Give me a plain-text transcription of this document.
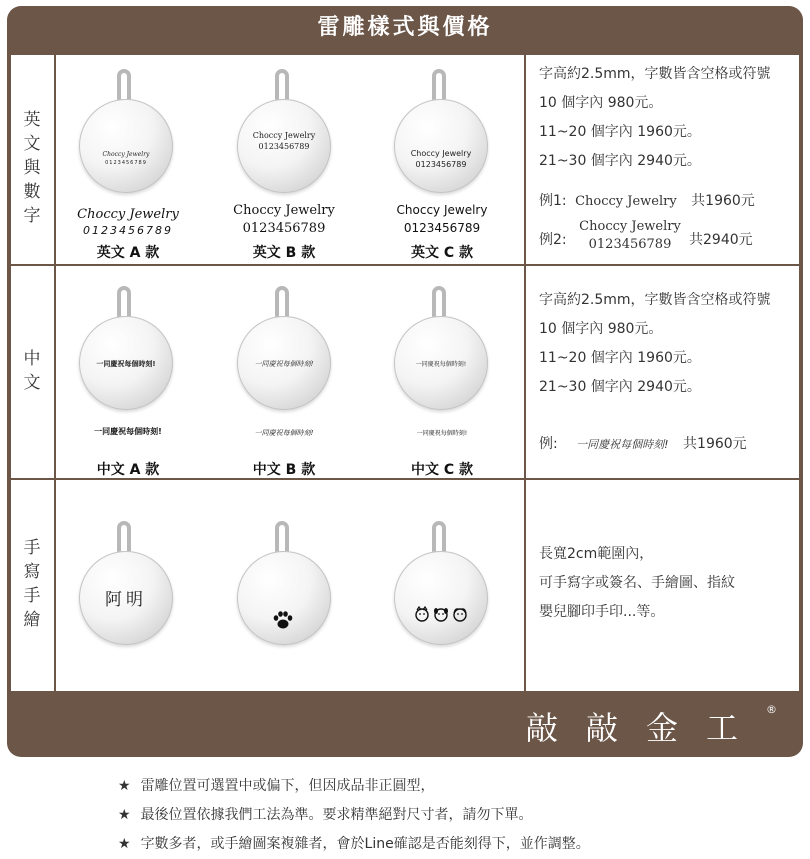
雷雕樣式與價格
英
文
與
數
字
Choccy Jewelry
0123456789
Choccy Jewelry
0123456789
英文 A 款
Choccy Jewelry
0123456789
Choccy Jewelry
0123456789
英文 B 款
Choccy Jewelry
0123456789
Choccy Jewelry
0123456789
英文 C 款
字高約2.5mm，字數皆含空格或符號
10 個字內 980元。
11~20 個字內 1960元。
21~30 個字內 2940元。
例1: Choccy Jewelry 共1960元
例2:
Choccy Jewelry
0123456789	共2940元
中
文
一同慶祝每個時刻!
一同慶祝每個時刻!
中文 A 款
一同慶祝每個時刻!
一同慶祝每個時刻!
中文 B 款
一同慶祝每個時刻!
一同慶祝每個時刻!
中文 C 款
字高約2.5mm，字數皆含空格或符號
10 個字內 980元。
11~20 個字內 1960元。
21~30 個字內 2940元。
例: 一同慶祝每個時刻! 共1960元
手
寫
手
繪
阿明
長寬2cm範圍內，
可手寫字或簽名、手繪圖、指紋
嬰兒腳印手印...等。
敲敲金工®
★ 雷雕位置可選置中或偏下，但因成品非正圓型，
★ 最後位置依據我們工法為準。要求精準絕對尺寸者，請勿下單。
★ 字數多者，或手繪圖案複雜者，會於Line確認是否能刻得下，並作調整。
